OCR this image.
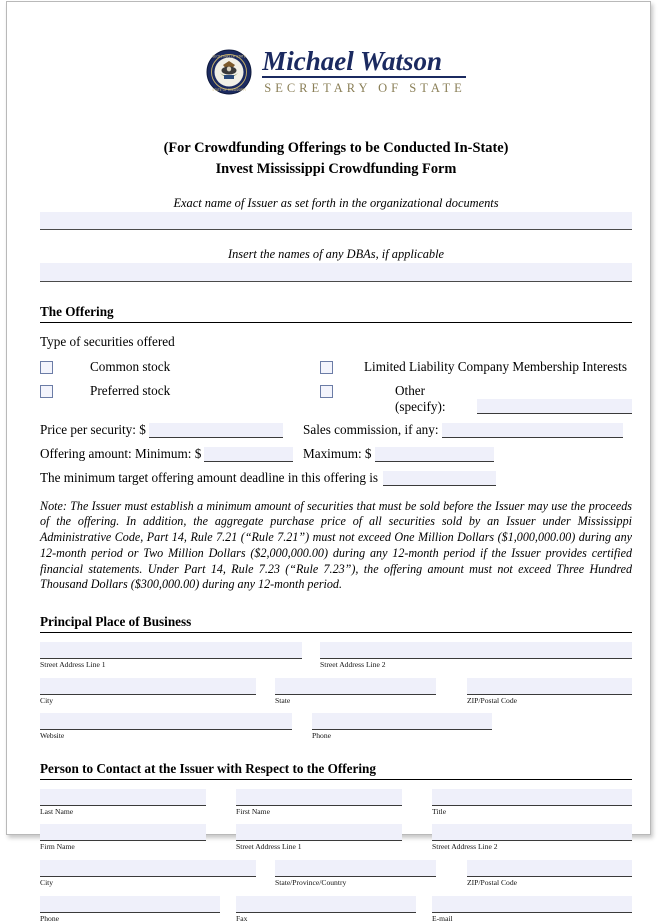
SECRETARY OF STATE
STATE OF MISSISSIPPI
Michael Watson
SECRETARY OF STATE
(For Crowdfunding Offerings to be Conducted In-State)
Invest Mississippi Crowdfunding Form
Exact name of Issuer as set forth in the organizational documents
Insert the names of any DBAs, if applicable
The Offering
Type of securities offered
Common stock	Limited Liability Company Membership Interests
Preferred stock	Other (specify):
Price per security: $	Sales commission, if any:
Offering amount: Minimum: $	Maximum: $
The minimum target offering amount deadline in this offering is
Note: The Issuer must establish a minimum amount of securities that must be sold before the Issuer may use the proceeds of the offering. In addition, the aggregate purchase price of all securities sold by an Issuer under Mississippi Administrative Code, Part 14, Rule 7.21 (“Rule 7.21”) must not exceed One Million Dollars ($1,000,000.00) during any 12-month period or Two Million Dollars ($2,000,000.00) during any 12-month period if the Issuer provides certified financial statements. Under Part 14, Rule 7.23 (“Rule 7.23”), the offering amount must not exceed Three Hundred Thousand Dollars ($300,000.00) during any 12-month period.
Principal Place of Business
Street Address Line 1	Street Address Line 2
City	State	ZIP/Postal Code
Website	Phone
Person to Contact at the Issuer with Respect to the Offering
Last Name	First Name	Title
Firm Name	Street Address Line 1	Street Address Line 2
City	State/Province/Country	ZIP/Postal Code
Phone	Fax	E-mail
